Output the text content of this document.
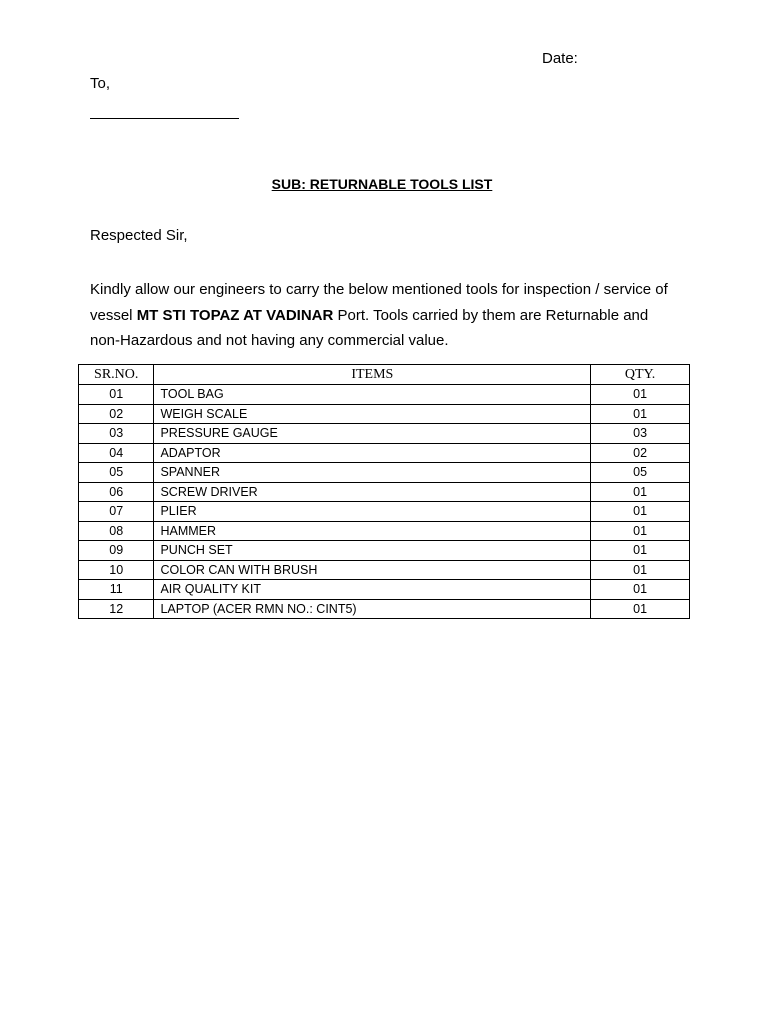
Date:
To,
SUB: RETURNABLE TOOLS LIST
Respected Sir,
Kindly allow our engineers to carry the below mentioned tools for inspection / service of vessel MT STI TOPAZ AT VADINAR Port. Tools carried by them are Returnable and non-Hazardous and not having any commercial value.
SR.NO.	ITEMS	QTY.
01	TOOL BAG	01
02	WEIGH SCALE	01
03	PRESSURE GAUGE	03
04	ADAPTOR	02
05	SPANNER	05
06	SCREW DRIVER	01
07	PLIER	01
08	HAMMER	01
09	PUNCH SET	01
10	COLOR CAN WITH BRUSH	01
11	AIR QUALITY KIT	01
12	LAPTOP (ACER RMN NO.: CINT5)	01
